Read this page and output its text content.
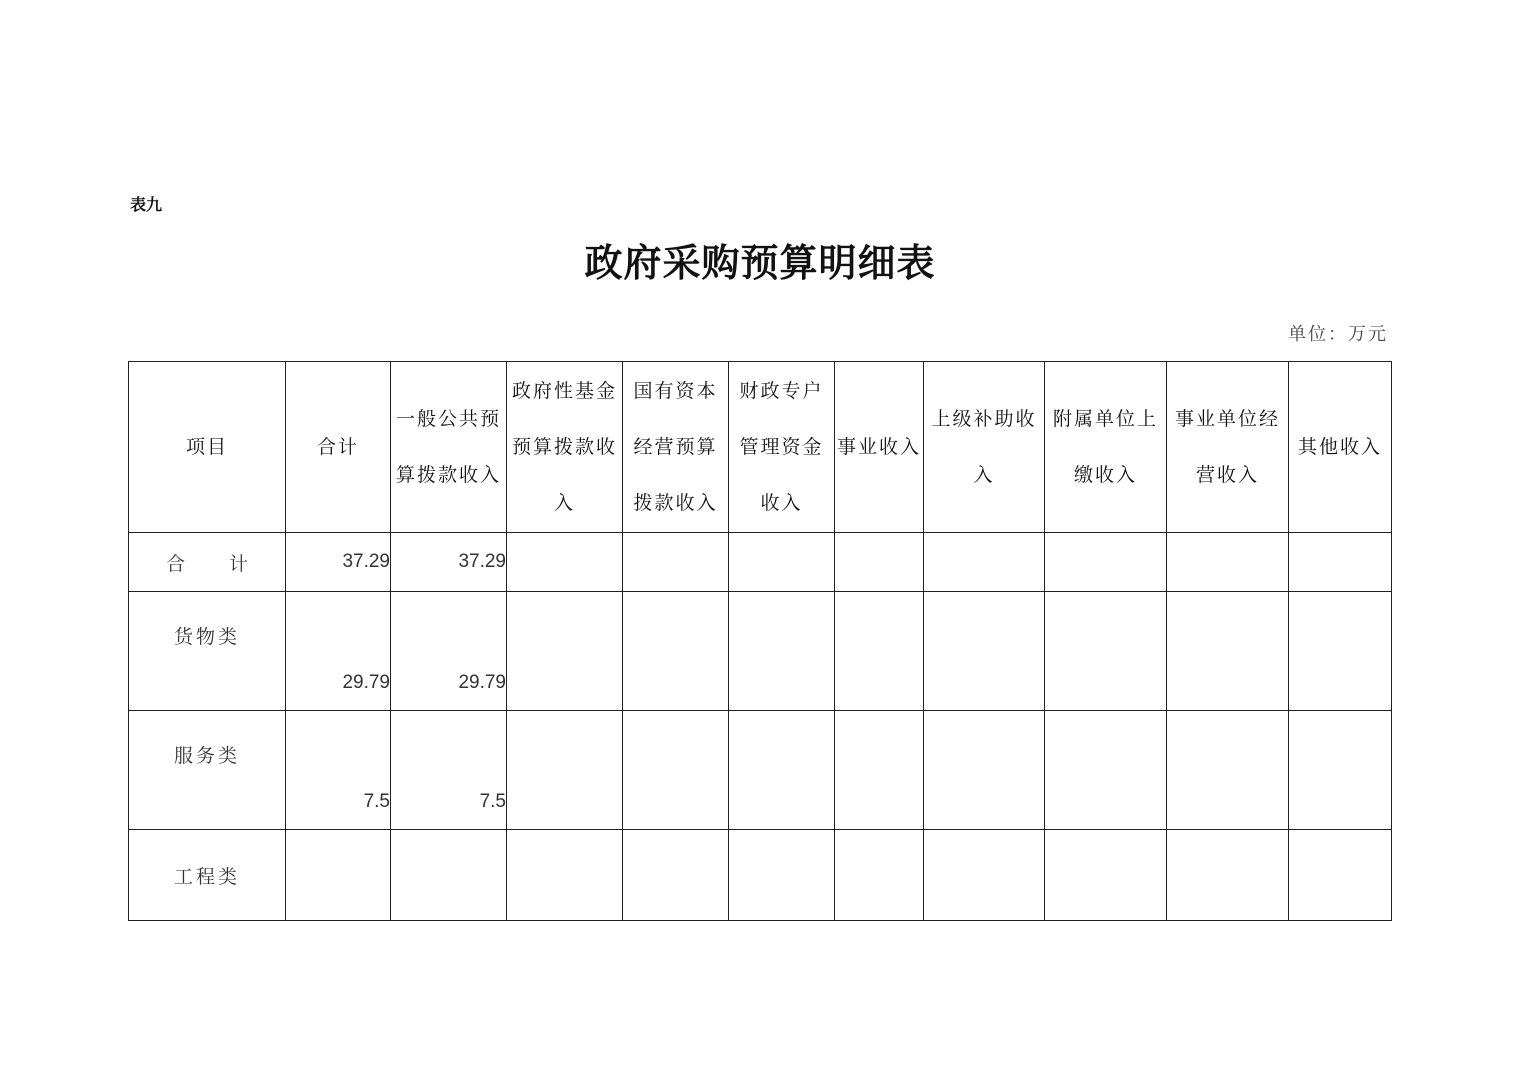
表九
政府采购预算明细表
单位：万元
项目	合计	一般公共预算拨款收入	政府性基金预算拨款收入	国有资本经营预算拨款收入	财政专户管理资金收入	事业收入	上级补助收入	附属单位上缴收入	事业单位经营收入	其他收入
合 计	37.29	37.29								
货物类	29.79	29.79								
服务类	7.5	7.5								
工程类										
